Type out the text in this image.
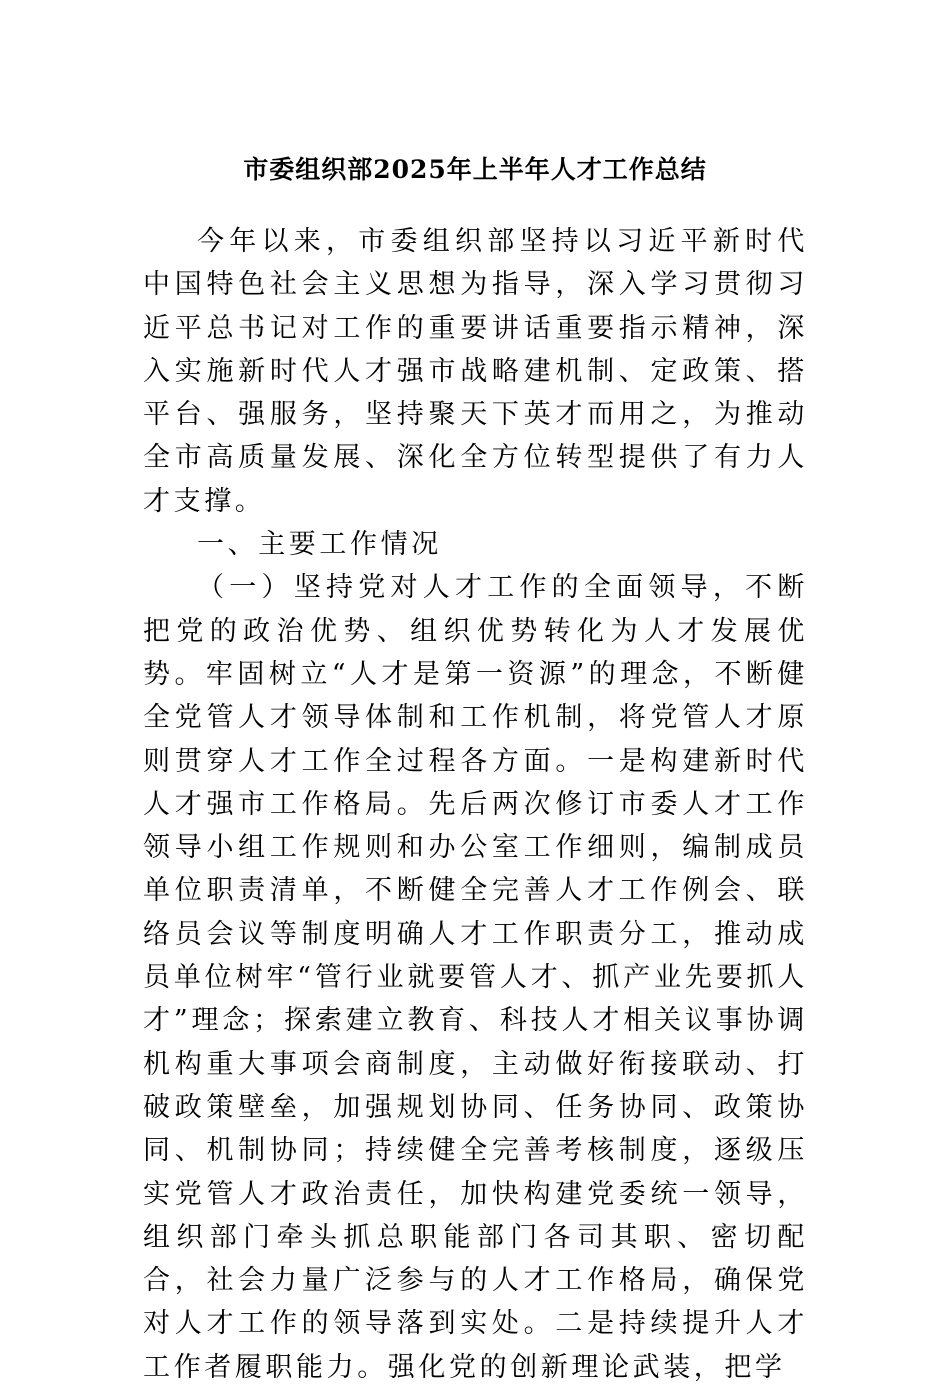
市委组织部2025年上半年人才工作总结

今年以来，市委组织部坚持以习近平新时代中国特色社会主义思想为指导，深入学习贯彻习近平总书记对工作的重要讲话重要指示精神，深入实施新时代人才强市战略建机制、定政策、搭平台、强服务，坚持聚天下英才而用之，为推动全市高质量发展、深化全方位转型提供了有力人才支撑。

一、主要工作情况

（一）坚持党对人才工作的全面领导，不断把党的政治优势、组织优势转化为人才发展优势。牢固树立“人才是第一资源”的理念，不断健全党管人才领导体制和工作机制，将党管人才原则贯穿人才工作全过程各方面。一是构建新时代人才强市工作格局。先后两次修订市委人才工作领导小组工作规则和办公室工作细则，编制成员单位职责清单，不断健全完善人才工作例会、联络员会议等制度明确人才工作职责分工，推动成员单位树牢“管行业就要管人才、抓产业先要抓人才”理念；探索建立教育、科技人才相关议事协调机构重大事项会商制度，主动做好衔接联动、打破政策壁垒，加强规划协同、任务协同、政策协同、机制协同；持续健全完善考核制度，逐级压实党管人才政治责任，加快构建党委统一领导，组织部门牵头抓总职能部门各司其职、密切配合，社会力量广泛参与的人才工作格局，确保党对人才工作的领导落到实处。二是持续提升人才工作者履职能力。强化党的创新理论武装，把学
